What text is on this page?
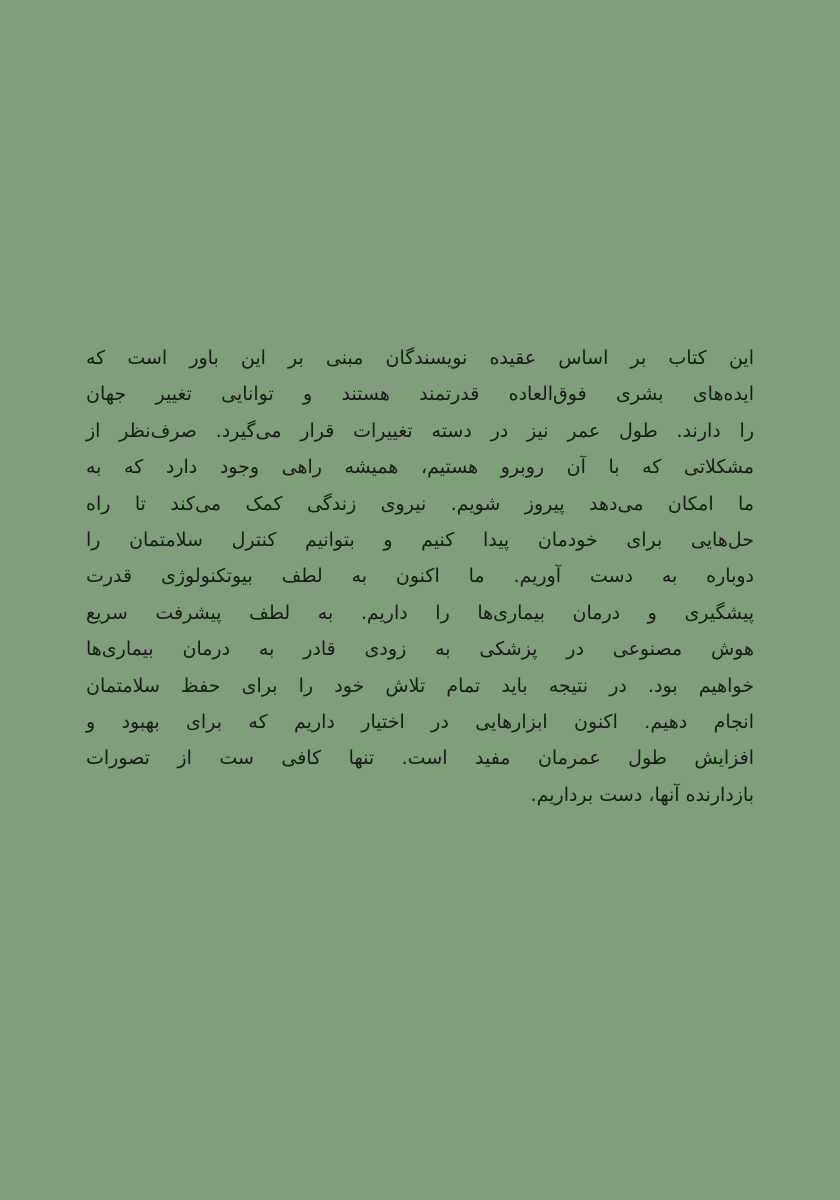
این کتاب بر اساس عقیده نویسندگان مبنی بر این باور است که
ایده‌های بشری فوق‌العاده قدرتمند هستند و توانایی تغییر جهان
را دارند. طول عمر نیز در دسته تغییرات قرار می‌گیرد. صرف‌نظر از
مشکلاتی که با آن روبرو هستیم، همیشه راهی وجود دارد که به
ما امکان می‌دهد پیروز شویم. نیروی زندگی کمک می‌کند تا راه
حل‌هایی برای خودمان پیدا کنیم و بتوانیم کنترل سلامتمان را
دوباره به دست آوریم. ما اکنون به لطف بیوتکنولوژی قدرت
پیشگیری و درمان بیماری‌ها را داریم. به لطف پیشرفت سریع
هوش مصنوعی در پزشکی به زودی قادر به درمان بیماری‌ها
خواهیم بود. در نتیجه باید تمام تلاش خود را برای حفظ سلامتمان
انجام دهیم. اکنون ابزارهایی در اختیار داریم که برای بهبود و
افزایش طول عمرمان مفید است. تنها کافی ست از تصورات
بازدارنده آنها، دست برداریم.
